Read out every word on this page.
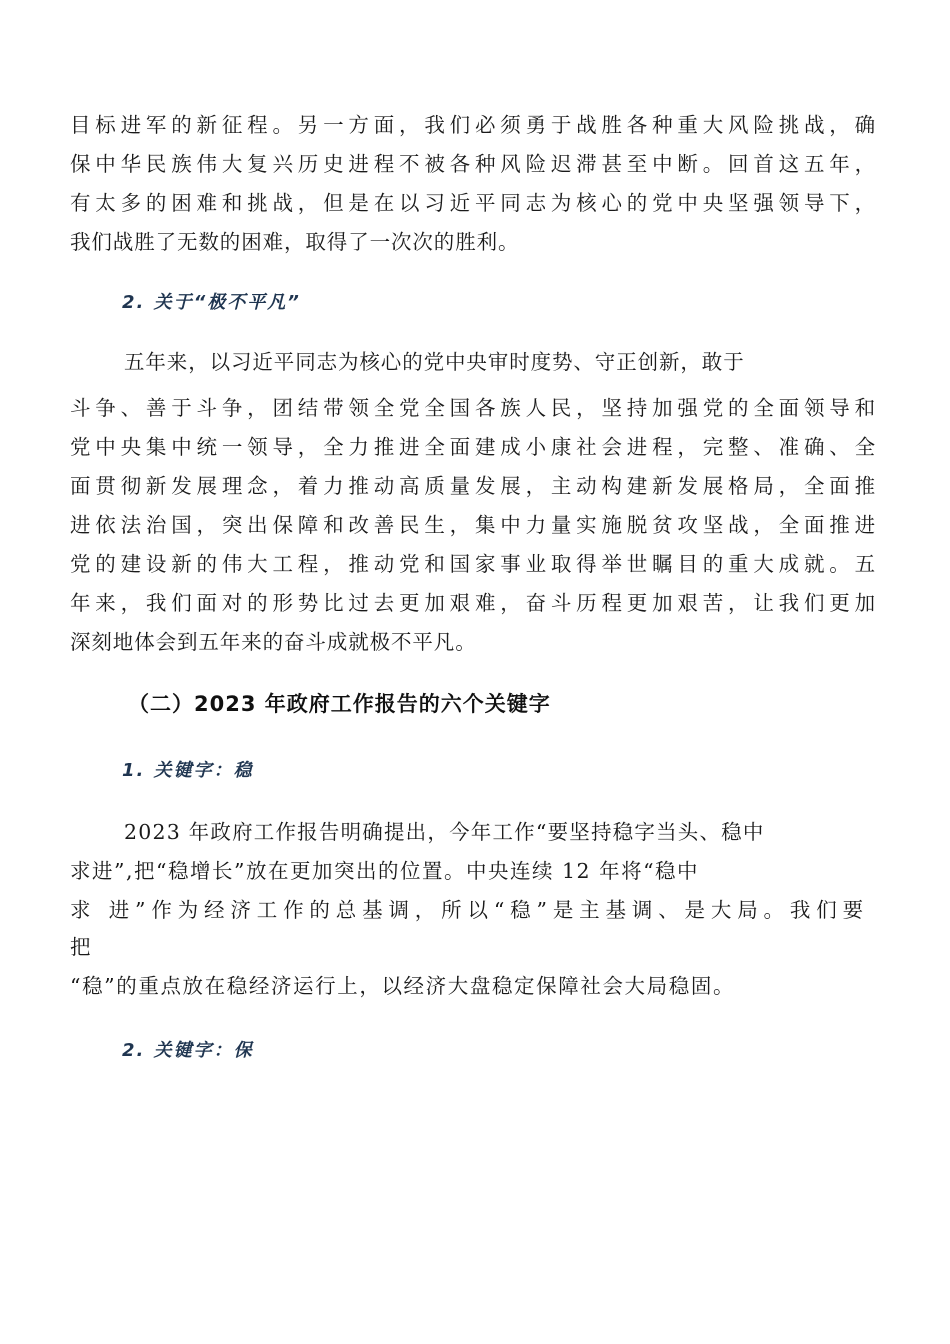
目标进军的新征程。另一方面，我们必须勇于战胜各种重大风险挑战，确
保中华民族伟大复兴历史进程不被各种风险迟滞甚至中断。回首这五年，
有太多的困难和挑战，但是在以习近平同志为核心的党中央坚强领导下，
我们战胜了无数的困难，取得了一次次的胜利。
2. 关于“极不平凡”
五年来，以习近平同志为核心的党中央审时度势、守正创新，敢于
斗争、善于斗争，团结带领全党全国各族人民，坚持加强党的全面领导和
党中央集中统一领导，全力推进全面建成小康社会进程，完整、准确、全
面贯彻新发展理念，着力推动高质量发展，主动构建新发展格局，全面推
进依法治国，突出保障和改善民生，集中力量实施脱贫攻坚战，全面推进
党的建设新的伟大工程，推动党和国家事业取得举世瞩目的重大成就。五
年来，我们面对的形势比过去更加艰难，奋斗历程更加艰苦，让我们更加
深刻地体会到五年来的奋斗成就极不平凡。
（二）2023 年政府工作报告的六个关键字
1. 关键字：稳
2023 年政府工作报告明确提出，今年工作“要坚持稳字当头、稳中
求进”,把“稳增长”放在更加突出的位置。中央连续 12 年将“稳中
求 进”作为经济工作的总基调，所以“稳”是主基调、是大局。我们要
把
“稳”的重点放在稳经济运行上，以经济大盘稳定保障社会大局稳固。
2. 关键字：保
